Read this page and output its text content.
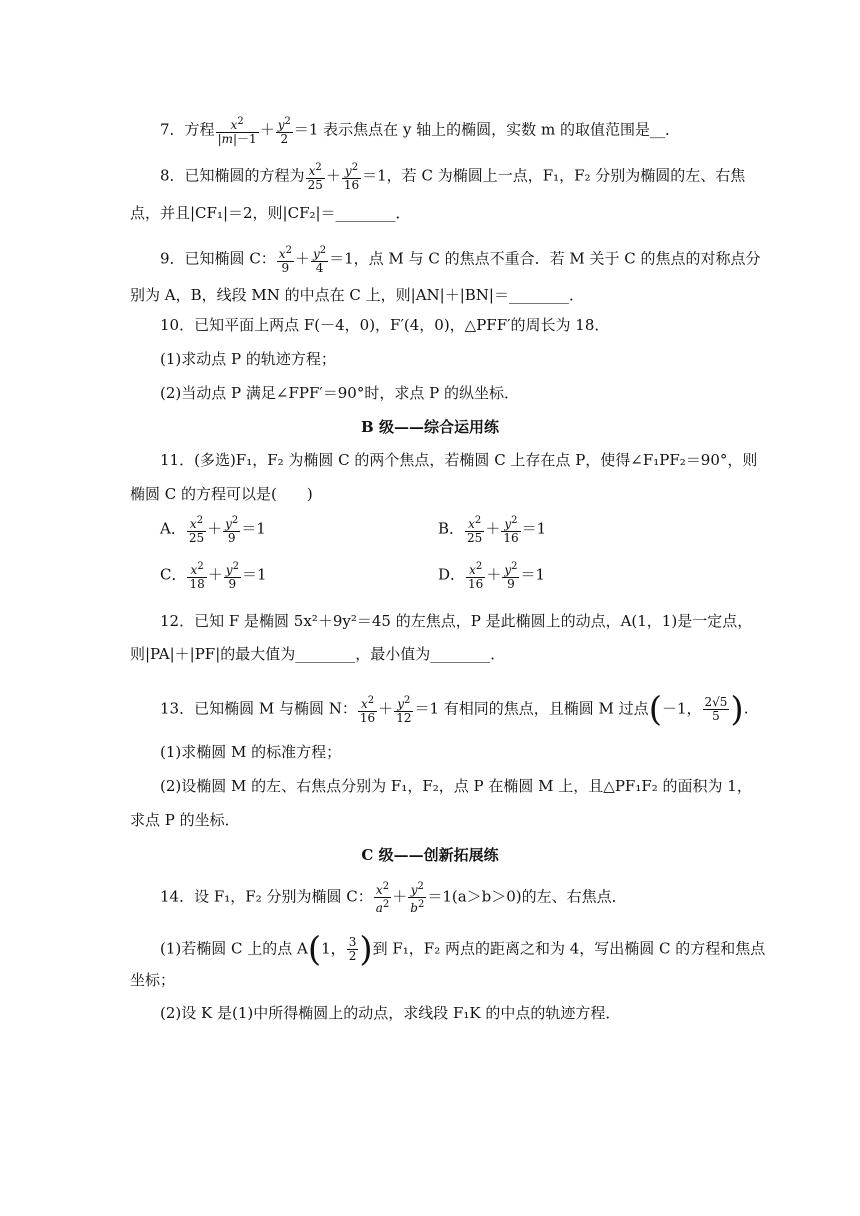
7．方程 $\frac{x^2}{|m|-1} + \frac{y^2}{2} =1$ 表示焦点在 y 轴上的椭圆，实数 m 的取值范围是__．
8．已知椭圆的方程为 $\frac{x^2}{25} + \frac{y^2}{16} =1$，若 C 为椭圆上一点，F₁，F₂ 分别为椭圆的左、右焦
点，并且|CF₁|＝2，则|CF₂|＝________．
9．已知椭圆 C： $\frac{x^2}{9} + \frac{y^2}{4} =1$，点 M 与 C 的焦点不重合．若 M 关于 C 的焦点的对称点分
别为 A，B，线段 MN 的中点在 C 上，则|AN|＋|BN|＝________．
10．已知平面上两点 F(－4，0)，F′(4，0)，△PFF′的周长为 18．
(1)求动点 P 的轨迹方程；
(2)当动点 P 满足∠FPF′＝90°时，求点 P 的纵坐标．
B 级——综合运用练
11．(多选)F₁，F₂ 为椭圆 C 的两个焦点，若椭圆 C 上存在点 P，使得∠F₁PF₂＝90°，则
椭圆 C 的方程可以是(　　)
A． $\frac{x^2}{25} + \frac{y^2}{9} =1$	B． $\frac{x^2}{25} + \frac{y^2}{16} =1$
C． $\frac{x^2}{18} + \frac{y^2}{9} =1$	D． $\frac{x^2}{16} + \frac{y^2}{9} =1$
12．已知 F 是椭圆 5x²＋9y²＝45 的左焦点，P 是此椭圆上的动点，A(1，1)是一定点，
则|PA|＋|PF|的最大值为________，最小值为________．
13．已知椭圆 M 与椭圆 N： $\frac{x^2}{16} + \frac{y^2}{12} =1$ 有相同的焦点，且椭圆 M 过点(－1， $\frac{2√5}{5}$ ).
(1)求椭圆 M 的标准方程；
(2)设椭圆 M 的左、右焦点分别为 F₁，F₂，点 P 在椭圆 M 上，且△PF₁F₂ 的面积为 1，
求点 P 的坐标．
C 级——创新拓展练
14．设 F₁，F₂ 分别为椭圆 C： $\frac{x^2}{a^2} + \frac{y^2}{b^2} =1(a>b>0)$的左、右焦点．
(1)若椭圆 C 上的点 A(1， $\frac{3}{2}$ )到 F₁，F₂ 两点的距离之和为 4，写出椭圆 C 的方程和焦点
坐标；
(2)设 K 是(1)中所得椭圆上的动点，求线段 F₁K 的中点的轨迹方程．
